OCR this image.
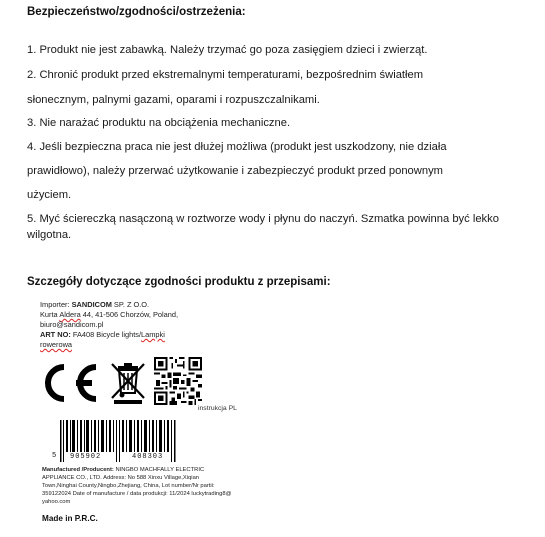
Bezpieczeństwo/zgodności/ostrzeżenia:
1. Produkt nie jest zabawką. Należy trzymać go poza zasięgiem dzieci i zwierząt.
2. Chronić produkt przed ekstremalnymi temperaturami, bezpośrednim światłem
słonecznym, palnymi gazami, oparami i rozpuszczalnikami.
3. Nie narażać produktu na obciążenia mechaniczne.
4. Jeśli bezpieczna praca nie jest dłużej możliwa (produkt jest uszkodzony, nie działa
prawidłowo), należy przerwać użytkowanie i zabezpieczyć produkt przed ponownym
użyciem.
5. Myć ściereczką nasączoną w roztworze wody i płynu do naczyń. Szmatka powinna być lekko
wilgotna.
Szczegóły dotyczące zgodności produktu z przepisami:
Importer: SANDICOM SP. Z O.O.
Kurta Aldera 44, 41-506 Chorzów, Poland,
biuro@sandicom.pl
ART NO: FA408 Bicycle lights/Lampki
rowerowa
instrukcja PL
5 905902	408303
Manufactured /Producent: NINGBO MACHFALLY ELECTRIC APPLIANCE CO., LTD. Address: No 588 Xinxu Village,Xiqian Town,Ninghai County,Ningbo,Zhejiang, China, Lot number/Nr partii: 359122024 Date of manufacture / data produkcji: 11/2024 luckytrading8@ yahoo.com
Made in P.R.C.
